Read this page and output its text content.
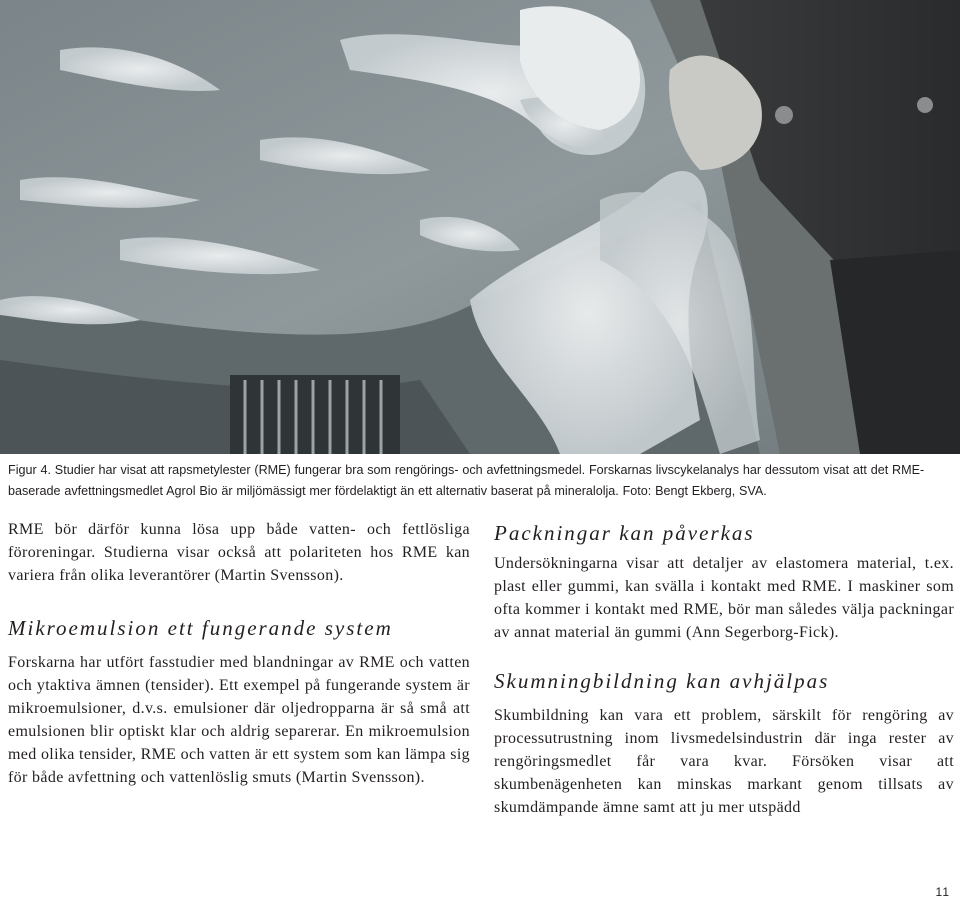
Figur 4. Studier har visat att rapsmetylester (RME) fungerar bra som rengörings- och avfettningsmedel. Forskarnas livscykelanalys har dessutom visat att det RME-baserade avfettningsmedlet Agrol Bio är miljömässigt mer fördelaktigt än ett alternativ baserat på mineralolja. Foto: Bengt Ekberg, SVA.

RME bör därför kunna lösa upp både vatten- och fettlösliga föroreningar. Studierna visar också att polariteten hos RME kan variera från olika leverantörer (Martin Svensson).

Mikroemulsion ett fungerande system

Forskarna har utfört fasstudier med blandningar av RME och vatten och ytaktiva ämnen (tensider). Ett exempel på fungerande system är mikroemulsioner, d.v.s. emulsioner där oljedropparna är så små att emulsionen blir optiskt klar och aldrig separerar. En mikroemulsion med olika tensider, RME och vatten är ett system som kan lämpa sig för både avfettning och vattenlöslig smuts (Martin Svensson).

Packningar kan påverkas

Undersökningarna visar att detaljer av elastomera material, t.ex. plast eller gummi, kan svälla i kontakt med RME. I maskiner som ofta kommer i kontakt med RME, bör man således välja packningar av annat material än gummi (Ann Segerborg-Fick).

Skumningbildning kan avhjälpas

Skumbildning kan vara ett problem, särskilt för rengöring av processutrustning inom livsmedelsindustrin där inga rester av rengöringsmedlet får vara kvar. Försöken visar att skumbenägenheten kan minskas markant genom tillsats av skumdämpande ämne samt att ju mer utspädd

11
